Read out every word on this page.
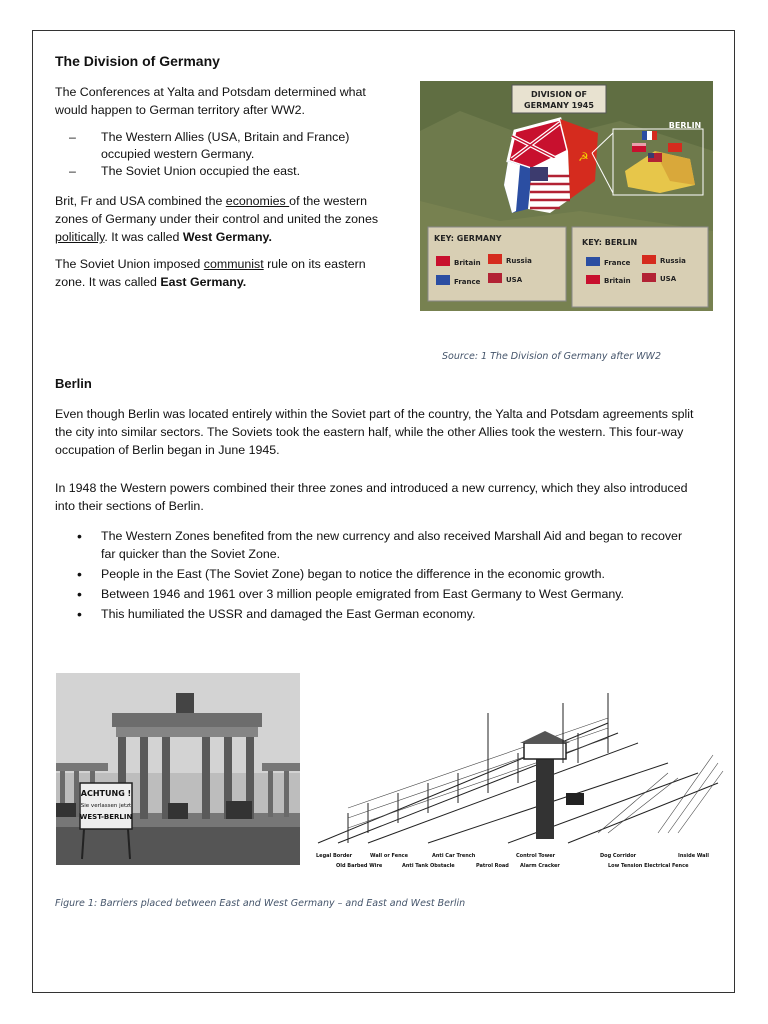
The Division of Germany
The Conferences at Yalta and Potsdam determined what would happen to German territory after WW2.
– The Western Allies (USA, Britain and France) occupied western Germany.
– The Soviet Union occupied the east.
Brit, Fr and USA combined the economies of the western zones of Germany under their control and united the zones politically. It was called West Germany.
The Soviet Union imposed communist rule on its eastern zone. It was called East Germany.
DIVISION OF
GERMANY 1945
☭
BERLIN
KEY: GERMANY
Britain	Russia
France	USA
KEY: BERLIN
France	Russia
Britain	USA
Source: 1 The Division of Germany after WW2
Berlin
Even though Berlin was located entirely within the Soviet part of the country, the Yalta and Potsdam agreements split the city into similar sectors. The Soviets took the eastern half, while the other Allies took the western. This four-way occupation of Berlin began in June 1945.
In 1948 the Western powers combined their three zones and introduced a new currency, which they also introduced into their sections of Berlin.
• The Western Zones benefited from the new currency and also received Marshall Aid and began to recover far quicker than the Soviet Zone.
• People in the East (The Soviet Zone) began to notice the difference in the economic growth.
• Between 1946 and 1961 over 3 million people emigrated from East Germany to West Germany.
• This humiliated the USSR and damaged the East German economy.
ACHTUNG !
Sie verlassen jetzt
WEST-BERLIN
Legal Border	Wall or Fence	Anti Car Trench	Control Tower	Dog Corridor	Inside Wall
Old Barbed Wire	Anti Tank Obstacle	Patrol Road Alarm Cracker	Low Tension Electrical Fence
Figure 1: Barriers placed between East and West Germany – and East and West Berlin
